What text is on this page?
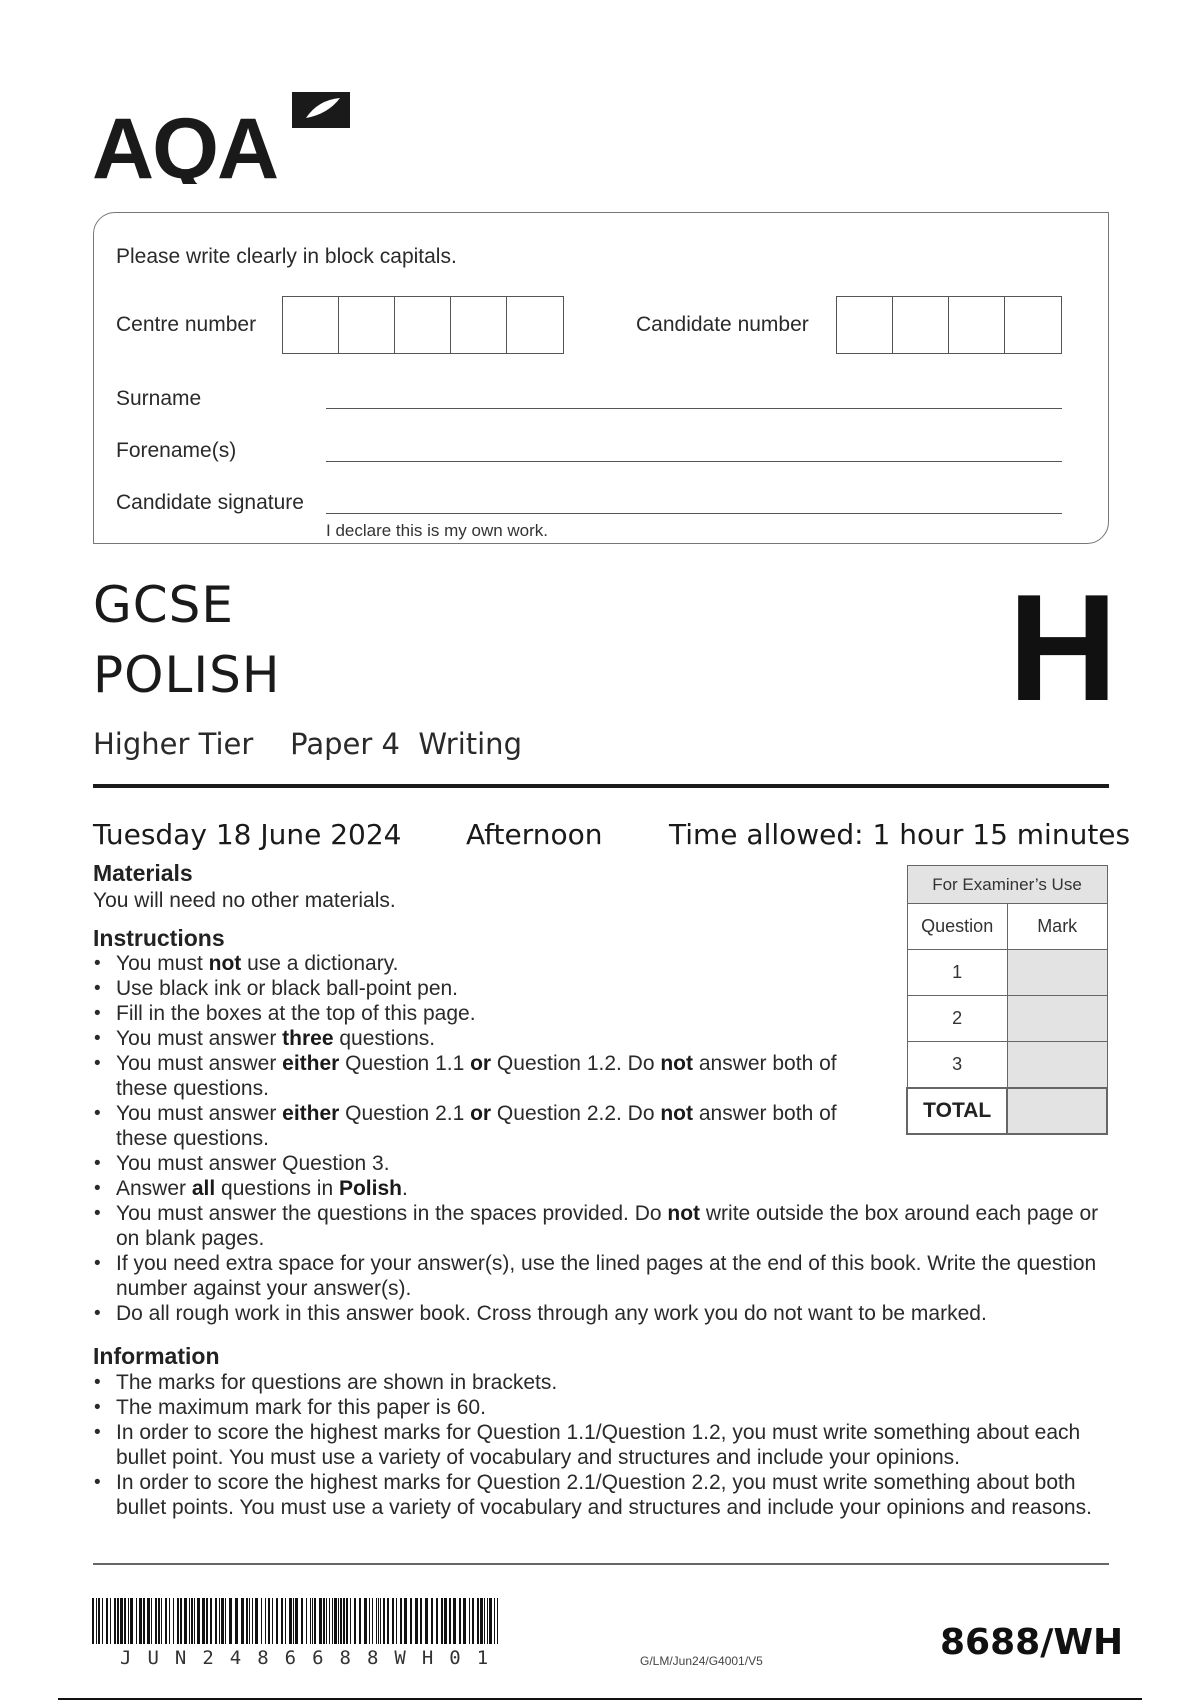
AQA
Please write clearly in block capitals.
Centre number	Candidate number
Surname
Forename(s)
Candidate signature
I declare this is my own work.
GCSE
POLISH
Higher Tier Paper 4 Writing
H
Tuesday 18 June 2024 Afternoon Time allowed: 1 hour 15 minutes
For Examiner’s Use	
Question	Mark
1	
2	
3	
TOTAL	
Materials
You will need no other materials.
Instructions
• You must not use a dictionary.
• Use black ink or black ball-point pen.
• Fill in the boxes at the top of this page.
• You must answer three questions.
• You must answer either Question 1.1 or Question 1.2. Do not answer both of these questions.
• You must answer either Question 2.1 or Question 2.2. Do not answer both of these questions.
• You must answer Question 3.
• Answer all questions in Polish.
• You must answer the questions in the spaces provided. Do not write outside the box around each page or on blank pages.
• If you need extra space for your answer(s), use the lined pages at the end of this book. Write the question number against your answer(s).
• Do all rough work in this answer book. Cross through any work you do not want to be marked.
Information
• The marks for questions are shown in brackets.
• The maximum mark for this paper is 60.
• In order to score the highest marks for Question 1.1/Question 1.2, you must write something about each bullet point. You must use a variety of vocabulary and structures and include your opinions.
• In order to score the highest marks for Question 2.1/Question 2.2, you must write something about both bullet points. You must use a variety of vocabulary and structures and include your opinions and reasons.
JUN2486688WH01	G/LM/Jun24/G4001/V5	8688/WH
